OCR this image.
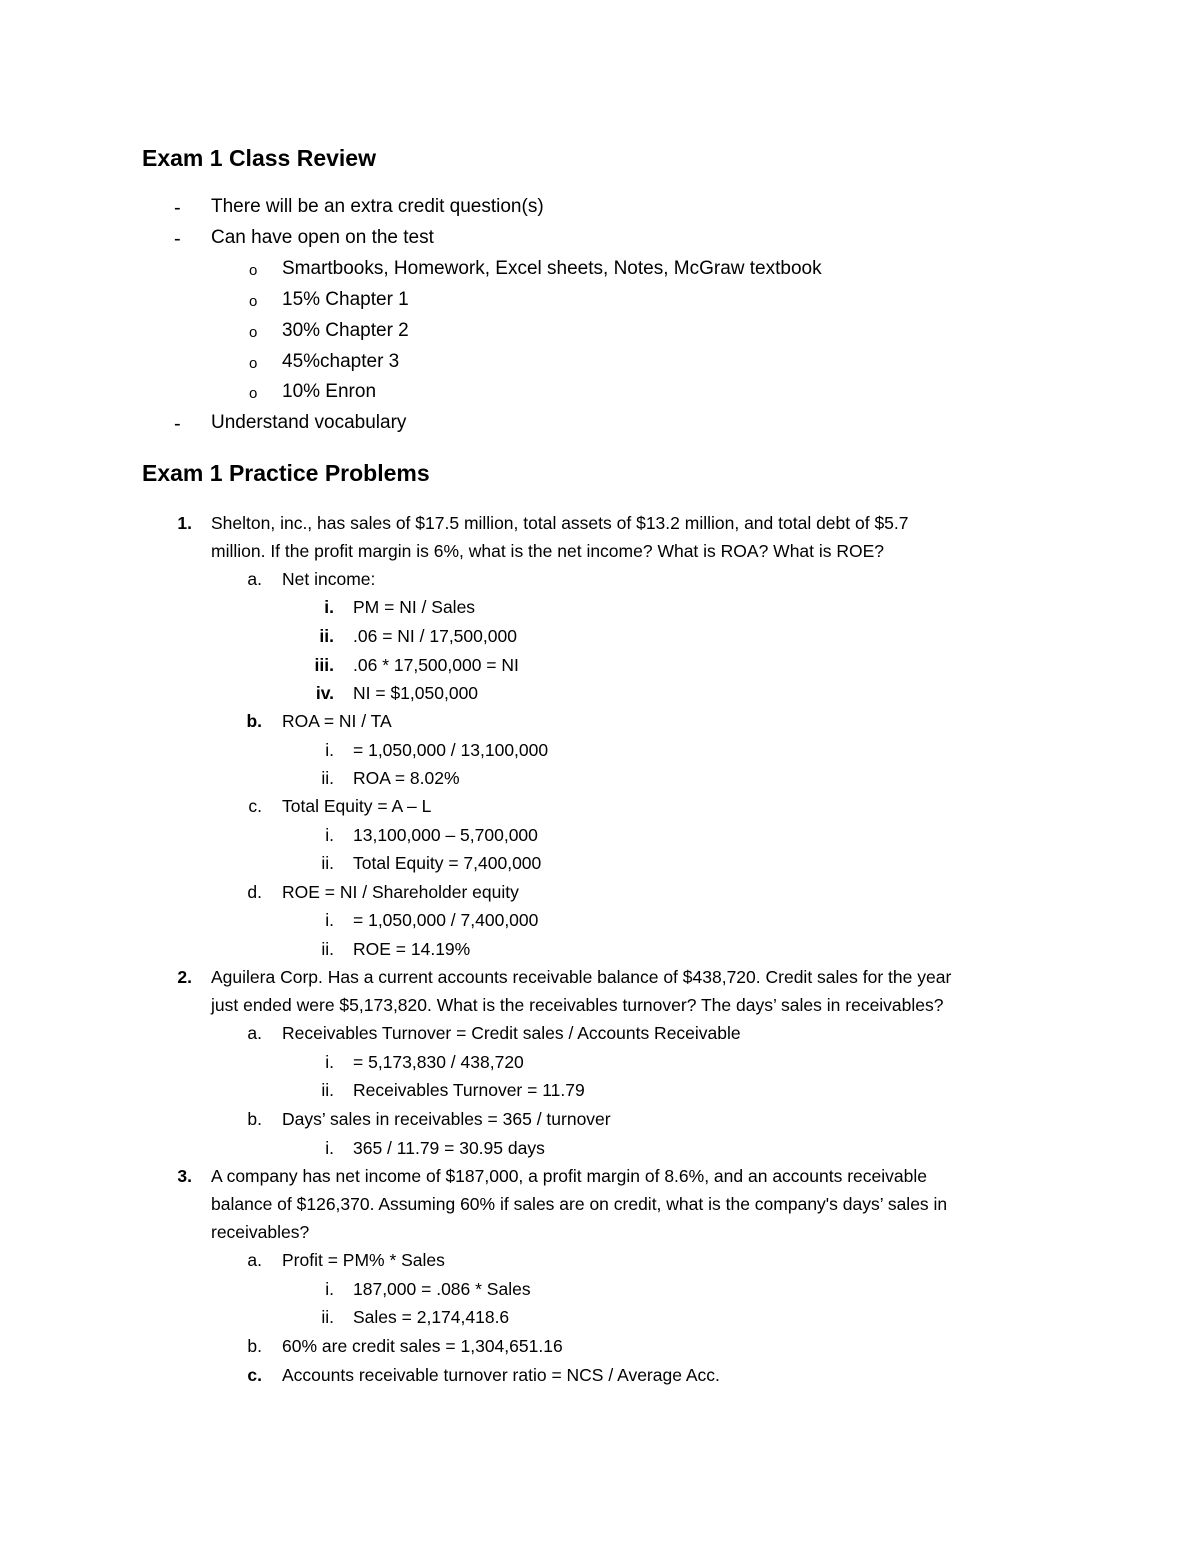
Exam 1 Class Review
- There will be an extra credit question(s)
- Can have open on the test
o Smartbooks, Homework, Excel sheets, Notes, McGraw textbook
o 15% Chapter 1
o 30% Chapter 2
o 45%chapter 3
o 10% Enron
- Understand vocabulary
Exam 1 Practice Problems
1. Shelton, inc., has sales of $17.5 million, total assets of $13.2 million, and total debt of $5.7
million. If the profit margin is 6%, what is the net income? What is ROA? What is ROE?
a. Net income:
i. PM = NI / Sales
ii. .06 = NI / 17,500,000
iii. .06 * 17,500,000 = NI
iv. NI = $1,050,000
b. ROA = NI / TA
i. = 1,050,000 / 13,100,000
ii. ROA = 8.02%
c. Total Equity = A – L
i. 13,100,000 – 5,700,000
ii. Total Equity = 7,400,000
d. ROE = NI / Shareholder equity
i. = 1,050,000 / 7,400,000
ii. ROE = 14.19%
2. Aguilera Corp. Has a current accounts receivable balance of $438,720. Credit sales for the year
just ended were $5,173,820. What is the receivables turnover? The days’ sales in receivables?
a. Receivables Turnover = Credit sales / Accounts Receivable
i. = 5,173,830 / 438,720
ii. Receivables Turnover = 11.79
b. Days’ sales in receivables = 365 / turnover
i. 365 / 11.79 = 30.95 days
3. A company has net income of $187,000, a profit margin of 8.6%, and an accounts receivable
balance of $126,370. Assuming 60% if sales are on credit, what is the company's days’ sales in
receivables?
a. Profit = PM% * Sales
i. 187,000 = .086 * Sales
ii. Sales = 2,174,418.6
b. 60% are credit sales = 1,304,651.16
c. Accounts receivable turnover ratio = NCS / Average Acc.
